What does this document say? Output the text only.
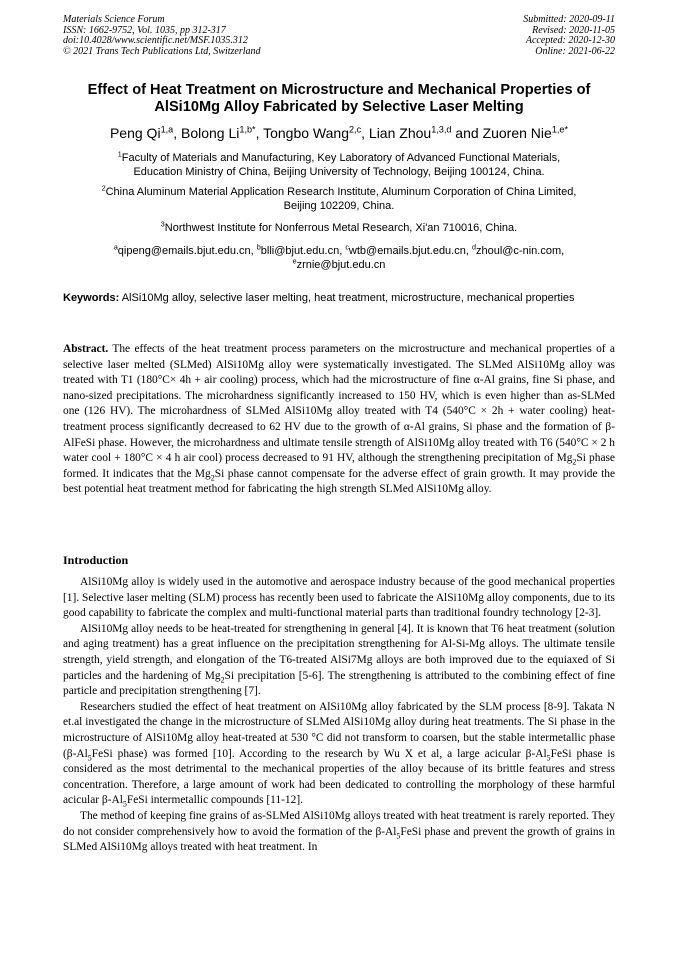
Materials Science Forum
ISSN: 1662-9752, Vol. 1035, pp 312-317
doi:10.4028/www.scientific.net/MSF.1035.312
© 2021 Trans Tech Publications Ltd, Switzerland
Submitted: 2020-09-11
Revised: 2020-11-05
Accepted: 2020-12-30
Online: 2021-06-22
Effect of Heat Treatment on Microstructure and Mechanical Properties of
AlSi10Mg Alloy Fabricated by Selective Laser Melting
Peng Qi$^{1,a}$, Bolong $Li^{1,b*}$, Tongbo Wang$^{2,c}$, Lian Zhou$^{1,3,d}$ and Zuoren Nie$^{1,e*}$
$^1$Faculty of Materials and Manufacturing, Key Laboratory of Advanced Functional Materials,
Education Ministry of China, Beijing University of Technology, Beijing 100124, China.
$^2$China Aluminum Material Application Research Institute, Aluminum Corporation of China Limited,
Beijing 102209, China.
$^3$Northwest Institute for Nonferrous Metal Research, Xi'an 710016, China.
$^a$qipeng@emails.bjut.edu.cn, $^b$blli@bjut.edu.cn, $^c$wtb@emails.bjut.edu.cn, $^d$zhoul@c-nin.com,
$^e$zrnie@bjut.edu.cn
Keywords: AlSi10Mg alloy, selective laser melting, heat treatment, microstructure, mechanical properties
Abstract. The effects of the heat treatment process parameters on the microstructure and mechanical properties of a selective laser melted (SLMed) AlSi10Mg alloy were systematically investigated. The SLMed AlSi10Mg alloy was treated with T1 (180°C× 4h + air cooling) process, which had the microstructure of fine α-Al grains, fine Si phase, and nano-sized precipitations. The microhardness significantly increased to 150 HV, which is even higher than as-SLMed one (126 HV). The microhardness of SLMed AlSi10Mg alloy treated with T4 (540°C × 2h + water cooling) heat-treatment process significantly decreased to 62 HV due to the growth of α-Al grains, Si phase and the formation of β-AlFeSi phase. However, the microhardness and ultimate tensile strength of AlSi10Mg alloy treated with T6 (540°C × 2 h water cool + 180°C × 4 h air cool) process decreased to 91 HV, although the strengthening precipitation of $Mg_2Si$ phase formed. It indicates that the $Mg_2Si$ phase cannot compensate for the adverse effect of grain growth. It may provide the best potential heat treatment method for fabricating the high strength SLMed AlSi10Mg alloy.
Introduction

AlSi10Mg alloy is widely used in the automotive and aerospace industry because of the good mechanical properties [1]. Selective laser melting (SLM) process has recently been used to fabricate the AlSi10Mg alloy components, due to its good capability to fabricate the complex and multi-functional material parts than traditional foundry technology [2-3].

AlSi10Mg alloy needs to be heat-treated for strengthening in general [4]. It is known that T6 heat treatment (solution and aging treatment) has a great influence on the precipitation strengthening for Al-Si-Mg alloys. The ultimate tensile strength, yield strength, and elongation of the T6-treated AlSi7Mg alloys are both improved due to the equiaxed of Si particles and the hardening of $Mg_2Si$ precipitation [5-6]. The strengthening is attributed to the combining effect of fine particle and precipitation strengthening [7].

Researchers studied the effect of heat treatment on AlSi10Mg alloy fabricated by the SLM process [8-9]. Takata N et.al investigated the change in the microstructure of SLMed AlSi10Mg alloy during heat treatments. The Si phase in the microstructure of AlSi10Mg alloy heat-treated at 530 °C did not transform to coarsen, but the stable intermetallic phase ($\beta-Al_5FeSi$ phase) was formed [10]. According to the research by Wu X et al, a large acicular $\beta-Al_5FeSi$ phase is considered as the most detrimental to the mechanical properties of the alloy because of its brittle features and stress concentration. Therefore, a large amount of work had been dedicated to controlling the morphology of these harmful acicular $\beta-Al_5FeSi$ intermetallic compounds [11-12].

The method of keeping fine grains of as-SLMed AlSi10Mg alloys treated with heat treatment is rarely reported. They do not consider comprehensively how to avoid the formation of the $\beta-Al_5FeSi$ phase and prevent the growth of grains in SLMed AlSi10Mg alloys treated with heat treatment. In
